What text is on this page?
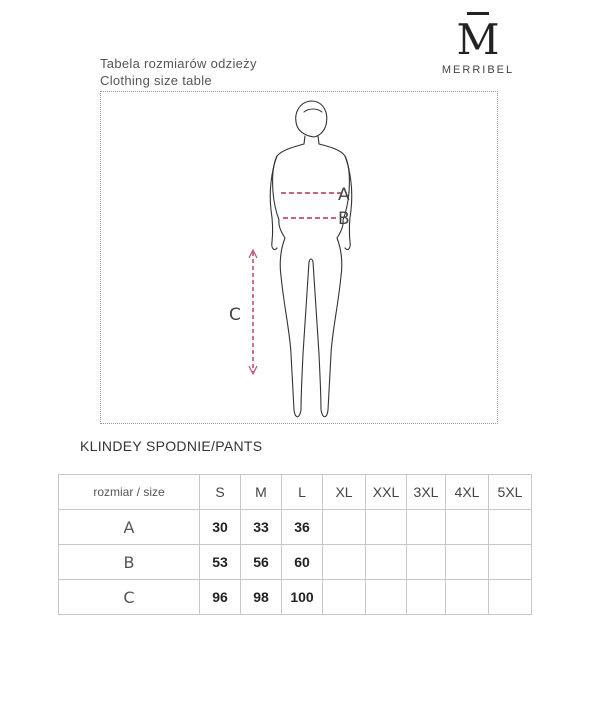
M
MERRIBEL
Tabela rozmiarów odzieży
Clothing size table
A
B
C
KLINDEY SPODNIE/PANTS
rozmiar / size	S	M	L	XL	XXL	3XL	4XL	5XL
A	30	33	36					
B	53	56	60					
C	96	98	100					
